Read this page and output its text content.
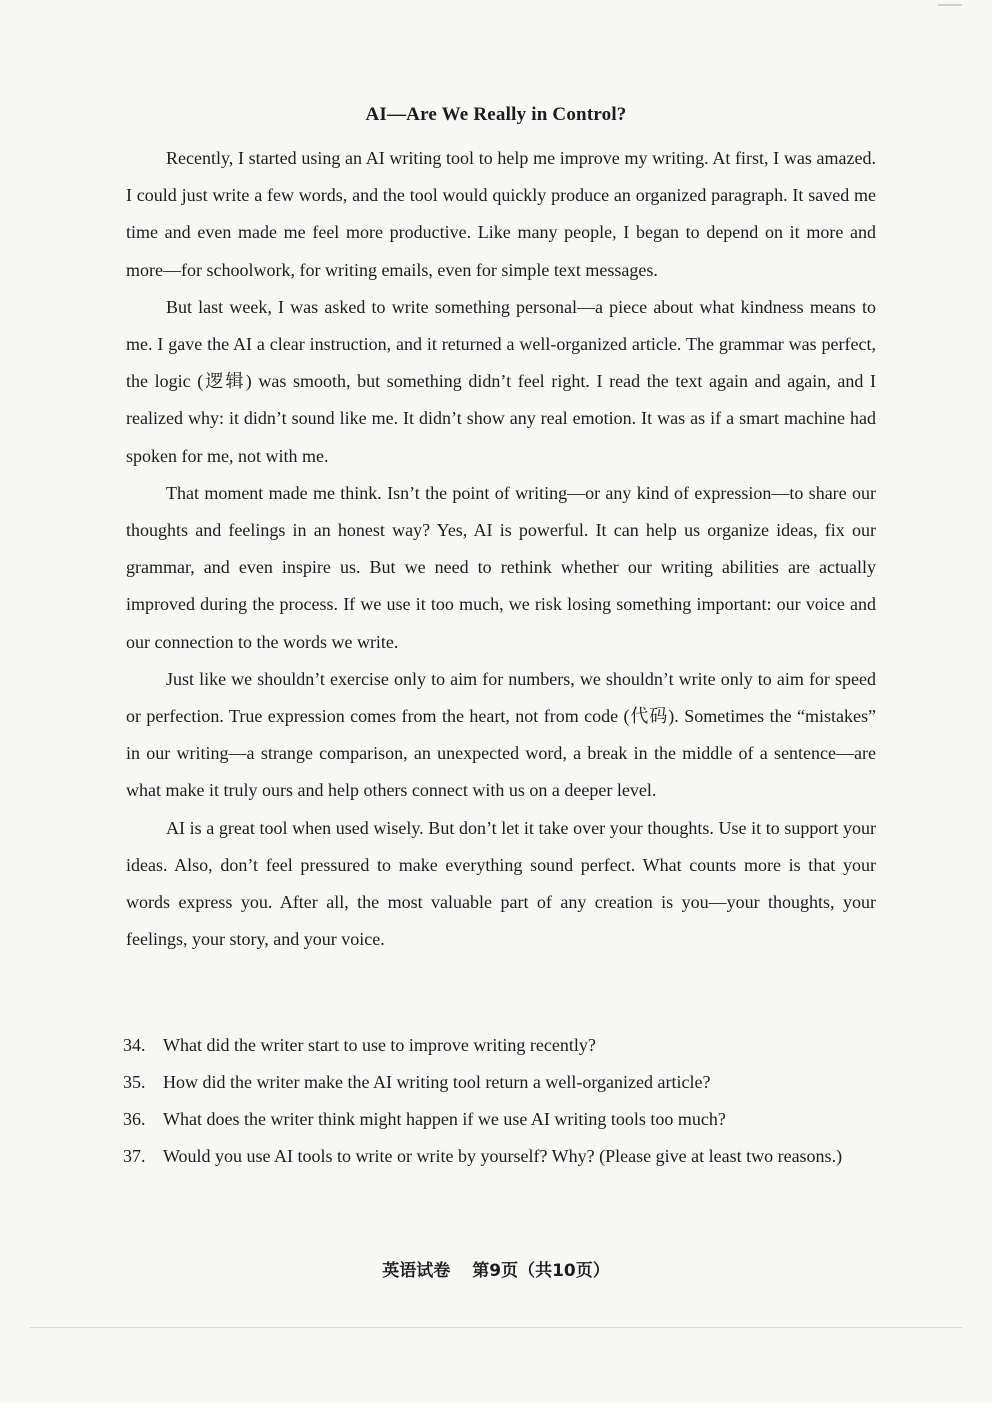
AI—Are We Really in Control?

Recently, I started using an AI writing tool to help me improve my writing. At first, I was amazed. I could just write a few words, and the tool would quickly produce an organized paragraph. It saved me time and even made me feel more productive. Like many people, I began to depend on it more and more—for schoolwork, for writing emails, even for simple text messages.

But last week, I was asked to write something personal—a piece about what kindness means to me. I gave the AI a clear instruction, and it returned a well-organized article. The grammar was perfect, the logic (逻辑) was smooth, but something didn’t feel right. I read the text again and again, and I realized why: it didn’t sound like me. It didn’t show any real emotion. It was as if a smart machine had spoken for me, not with me.

That moment made me think. Isn’t the point of writing—or any kind of expression—to share our thoughts and feelings in an honest way? Yes, AI is powerful. It can help us organize ideas, fix our grammar, and even inspire us. But we need to rethink whether our writing abilities are actually improved during the process. If we use it too much, we risk losing something important: our voice and our connection to the words we write.

Just like we shouldn’t exercise only to aim for numbers, we shouldn’t write only to aim for speed or perfection. True expression comes from the heart, not from code (代码). Sometimes the “mistakes” in our writing—a strange comparison, an unexpected word, a break in the middle of a sentence—are what make it truly ours and help others connect with us on a deeper level.

AI is a great tool when used wisely. But don’t let it take over your thoughts. Use it to support your ideas. Also, don’t feel pressured to make everything sound perfect. What counts more is that your words express you. After all, the most valuable part of any creation is you—your thoughts, your feelings, your story, and your voice.

34. What did the writer start to use to improve writing recently?
35. How did the writer make the AI writing tool return a well-organized article?
36. What does the writer think might happen if we use AI writing tools too much?
37. Would you use AI tools to write or write by yourself? Why? (Please give at least two reasons.)
英语试卷 第9页（共10页）
